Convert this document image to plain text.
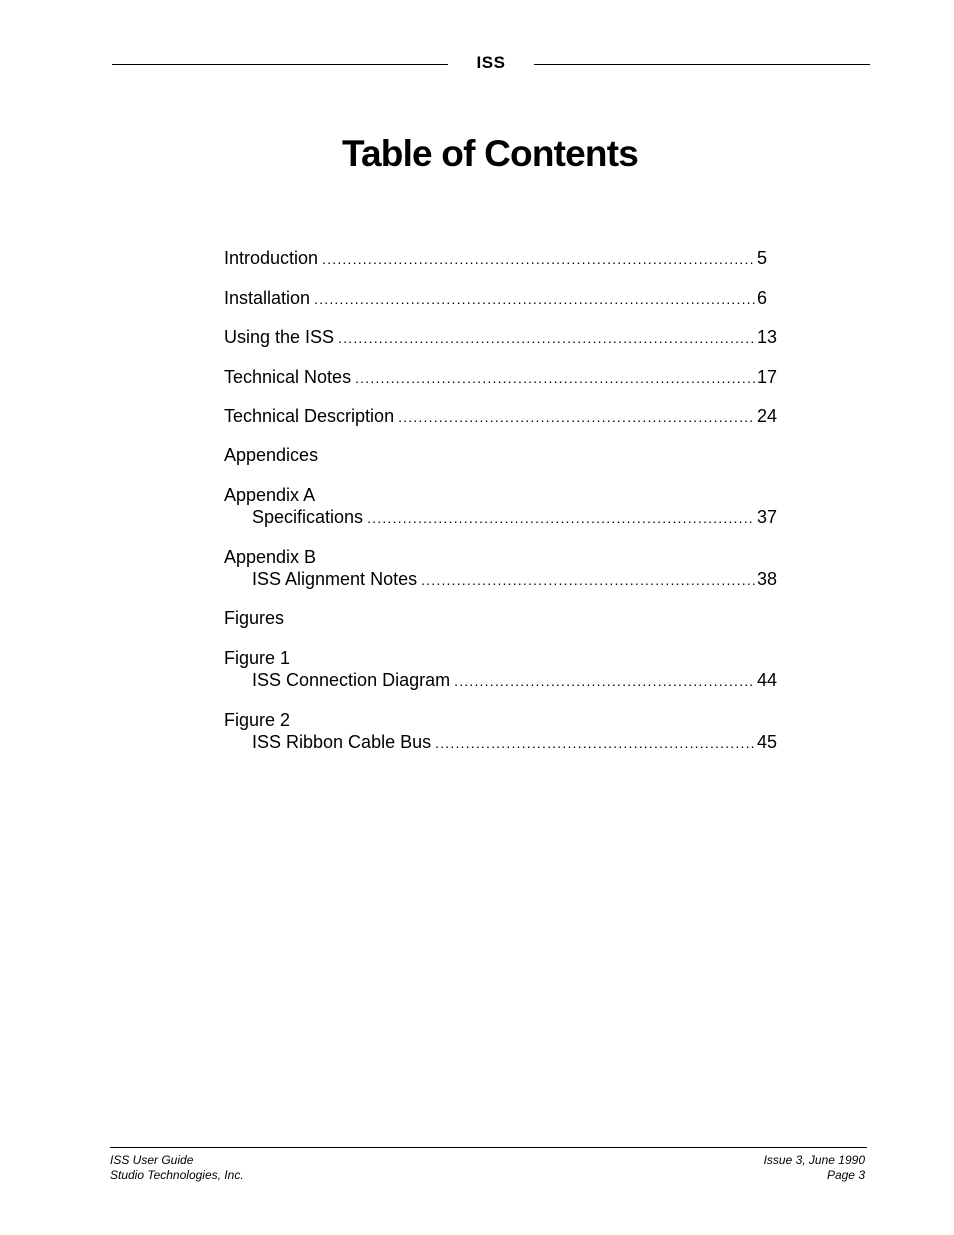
ISS
Table of Contents
Introduction .....	5
Installation .....	6
Using the ISS .....	13
Technical Notes .....	17
Technical Description .....	24
Appendices
Appendix A
Specifications .....	37
Appendix B
ISS Alignment Notes .....	38
Figures
Figure 1
ISS Connection Diagram .....	44
Figure 2
ISS Ribbon Cable Bus .....	45
ISS User Guide
Studio Technologies, Inc.
Issue 3, June 1990
Page 3
